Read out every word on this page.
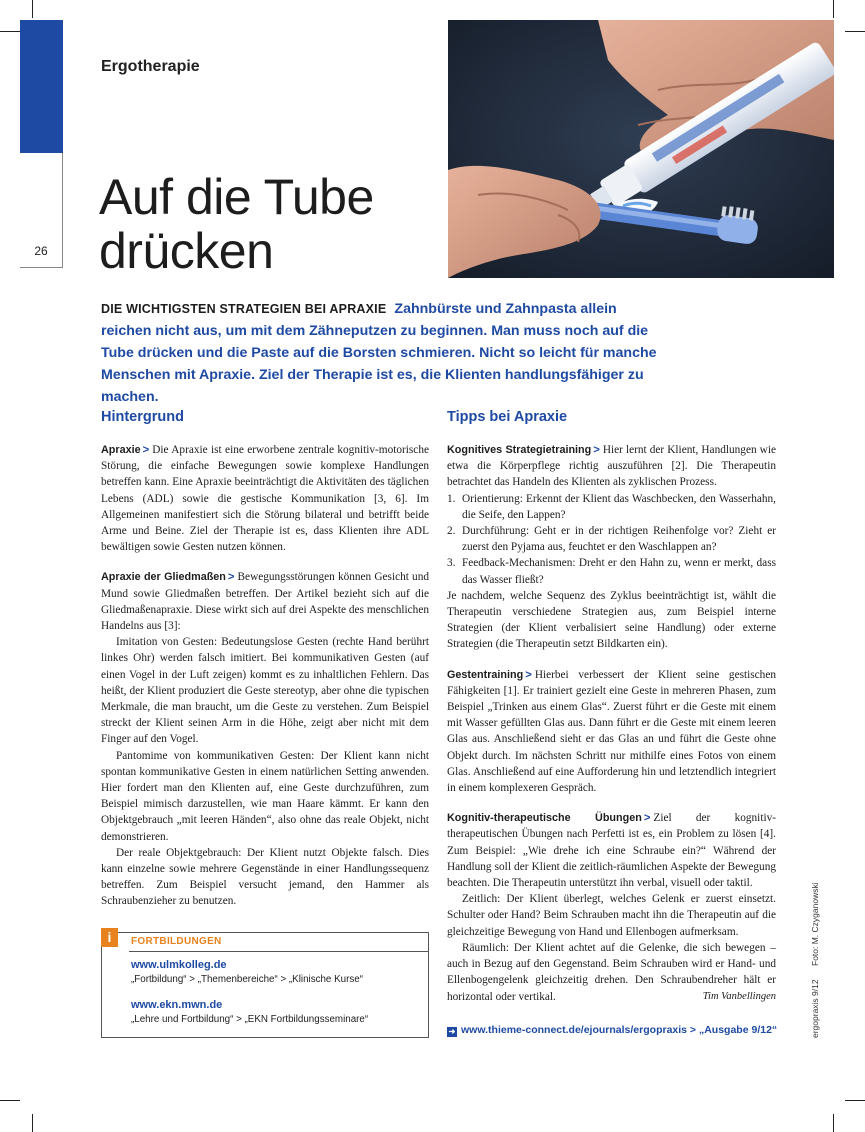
26
Ergotherapie
Auf die Tube
drücken
DIE WICHTIGSTEN STRATEGIEN BEI APRAXIE Zahnbürste und Zahnpasta allein reichen nicht aus, um mit dem Zähneputzen zu beginnen. Man muss noch auf die Tube drücken und die Paste auf die Borsten schmieren. Nicht so leicht für manche Menschen mit Apraxie. Ziel der Therapie ist es, die Klienten handlungsfähiger zu machen.
Hintergrund

Apraxie > Die Apraxie ist eine erworbene zentrale kognitiv-motorische Störung, die einfache Bewegungen sowie komplexe Handlungen betreffen kann. Eine Apraxie beeinträchtigt die Aktivitäten des täglichen Lebens (ADL) sowie die gestische Kommunikation [3, 6]. Im Allgemeinen manifestiert sich die Störung bilateral und betrifft beide Arme und Beine. Ziel der Therapie ist es, dass Klienten ihre ADL bewältigen sowie Gesten nutzen können.

Apraxie der Gliedmaßen > Bewegungsstörungen können Gesicht und Mund sowie Gliedmaßen betreffen. Der Artikel bezieht sich auf die Gliedmaßenapraxie. Diese wirkt sich auf drei Aspekte des menschlichen Handelns aus [3]:

Imitation von Gesten: Bedeutungslose Gesten (rechte Hand berührt linkes Ohr) werden falsch imitiert. Bei kommunikativen Gesten (auf einen Vogel in der Luft zeigen) kommt es zu inhaltlichen Fehlern. Das heißt, der Klient produziert die Geste stereotyp, aber ohne die typischen Merkmale, die man braucht, um die Geste zu verstehen. Zum Beispiel streckt der Klient seinen Arm in die Höhe, zeigt aber nicht mit dem Finger auf den Vogel.

Pantomime von kommunikativen Gesten: Der Klient kann nicht spontan kommunikative Gesten in einem natürlichen Setting anwenden. Hier fordert man den Klienten auf, eine Geste durchzuführen, zum Beispiel mimisch darzustellen, wie man Haare kämmt. Er kann den Objektgebrauch „mit leeren Händen“, also ohne das reale Objekt, nicht demonstrieren.

Der reale Objektgebrauch: Der Klient nutzt Objekte falsch. Dies kann einzelne sowie mehrere Gegenstände in einer Handlungssequenz betreffen. Zum Beispiel versucht jemand, den Hammer als Schraubenzieher zu benutzen.

i	FORTBILDUNGEN
www.ulmkolleg.de
„Fortbildung“ > „Themenbereiche“ > „Klinische Kurse“
www.ekn.mwn.de
„Lehre und Fortbildung“ > „EKN Fortbildungsseminare“
Tipps bei Apraxie

Kognitives Strategietraining > Hier lernt der Klient, Handlungen wie etwa die Körperpflege richtig auszuführen [2]. Die Therapeutin betrachtet das Handeln des Klienten als zyklischen Prozess.

1. Orientierung: Erkennt der Klient das Waschbecken, den Wasserhahn, die Seife, den Lappen?
2. Durchführung: Geht er in der richtigen Reihenfolge vor? Zieht er zuerst den Pyjama aus, feuchtet er den Waschlappen an?
3. Feedback-Mechanismen: Dreht er den Hahn zu, wenn er merkt, dass das Wasser fließt?

Je nachdem, welche Sequenz des Zyklus beeinträchtigt ist, wählt die Therapeutin verschiedene Strategien aus, zum Beispiel interne Strategien (der Klient verbalisiert seine Handlung) oder externe Strategien (die Therapeutin setzt Bildkarten ein).

Gestentraining > Hierbei verbessert der Klient seine gestischen Fähigkeiten [1]. Er trainiert gezielt eine Geste in mehreren Phasen, zum Beispiel „Trinken aus einem Glas“. Zuerst führt er die Geste mit einem mit Wasser gefüllten Glas aus. Dann führt er die Geste mit einem leeren Glas aus. Anschließend sieht er das Glas an und führt die Geste ohne Objekt durch. Im nächsten Schritt nur mithilfe eines Fotos von einem Glas. Anschließend auf eine Aufforderung hin und letztendlich integriert in einem komplexeren Gespräch.

Kognitiv-therapeutische Übungen > Ziel der kognitiv-therapeutischen Übungen nach Perfetti ist es, ein Problem zu lösen [4]. Zum Beispiel: „Wie drehe ich eine Schraube ein?“ Während der Handlung soll der Klient die zeitlich-räumlichen Aspekte der Bewegung beachten. Die Therapeutin unterstützt ihn verbal, visuell oder taktil.

Zeitlich: Der Klient überlegt, welches Gelenk er zuerst einsetzt. Schulter oder Hand? Beim Schrauben macht ihn die Therapeutin auf die gleichzeitige Bewegung von Hand und Ellenbogen aufmerksam.

Räumlich: Der Klient achtet auf die Gelenke, die sich bewegen – auch in Bezug auf den Gegenstand. Beim Schrauben wird er Hand- und Ellenbogengelenk gleichzeitig drehen. Den Schraubendreher hält er horizontal oder vertikal.	Tim Vanbellingen

➜ www.thieme-connect.de/ejournals/ergopraxis > „Ausgabe 9/12“	ergopraxis 9/12
Foto: M. Czyganowski
